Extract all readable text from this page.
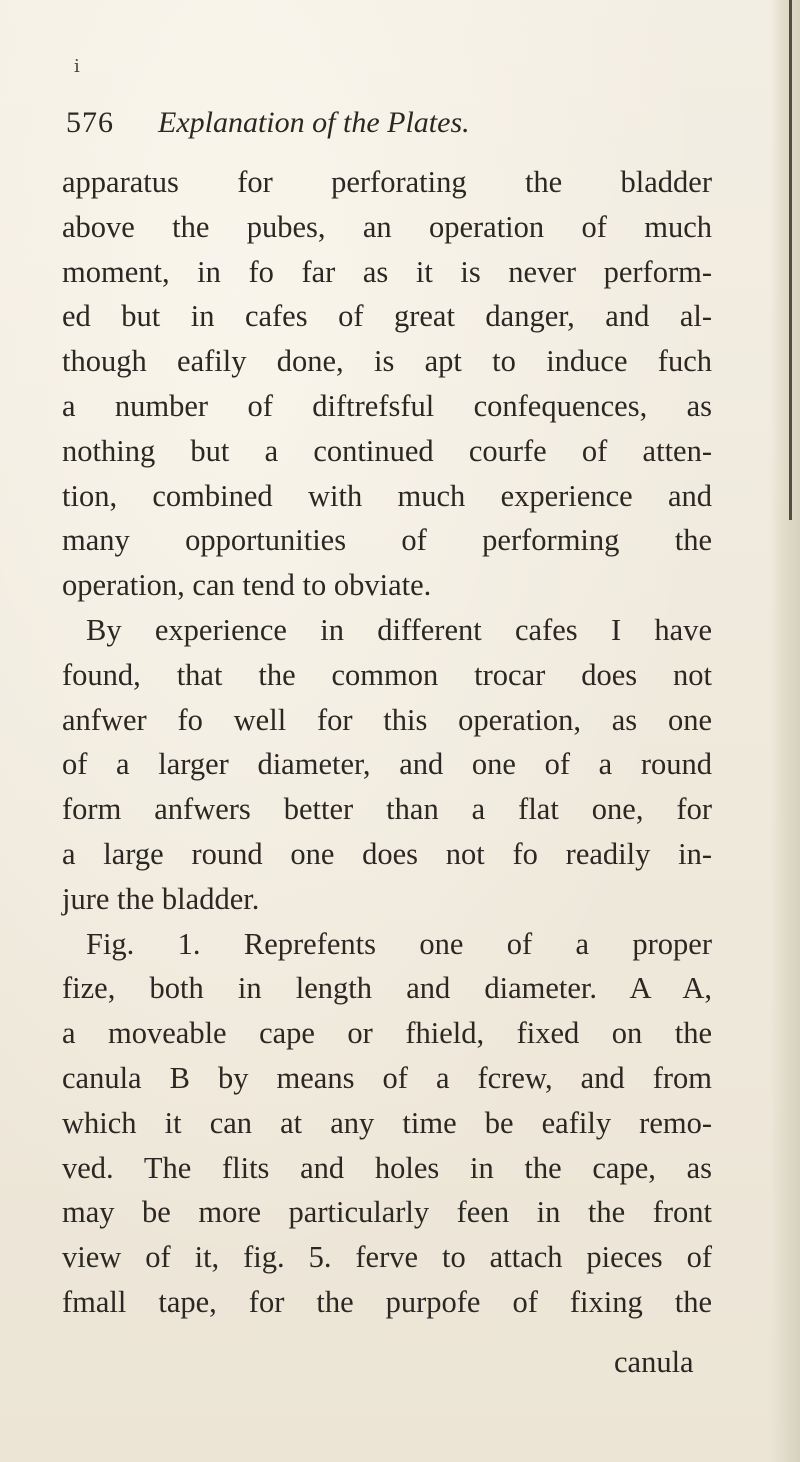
ⅰ
576 Explanation of the Plates.
apparatus for perforating the bladder
above the pubes, an operation of much
moment, in fo far as it is never perform-
ed but in cafes of great danger, and al-
though eafily done, is apt to induce fuch
a number of diftrefsful confequences, as
nothing but a continued courfe of atten-
tion, combined with much experience and
many opportunities of performing the
operation, can tend to obviate.
By experience in different cafes I have
found, that the common trocar does not
anfwer fo well for this operation, as one
of a larger diameter, and one of a round
form anfwers better than a flat one, for
a large round one does not fo readily in-
jure the bladder.
Fig. 1. Reprefents one of a proper
fize, both in length and diameter. A A,
a moveable cape or fhield, fixed on the
canula B by means of a fcrew, and from
which it can at any time be eafily remo-
ved. The flits and holes in the cape, as
may be more particularly feen in the front
view of it, fig. 5. ferve to attach pieces of
fmall tape, for the purpofe of fixing the
canula
